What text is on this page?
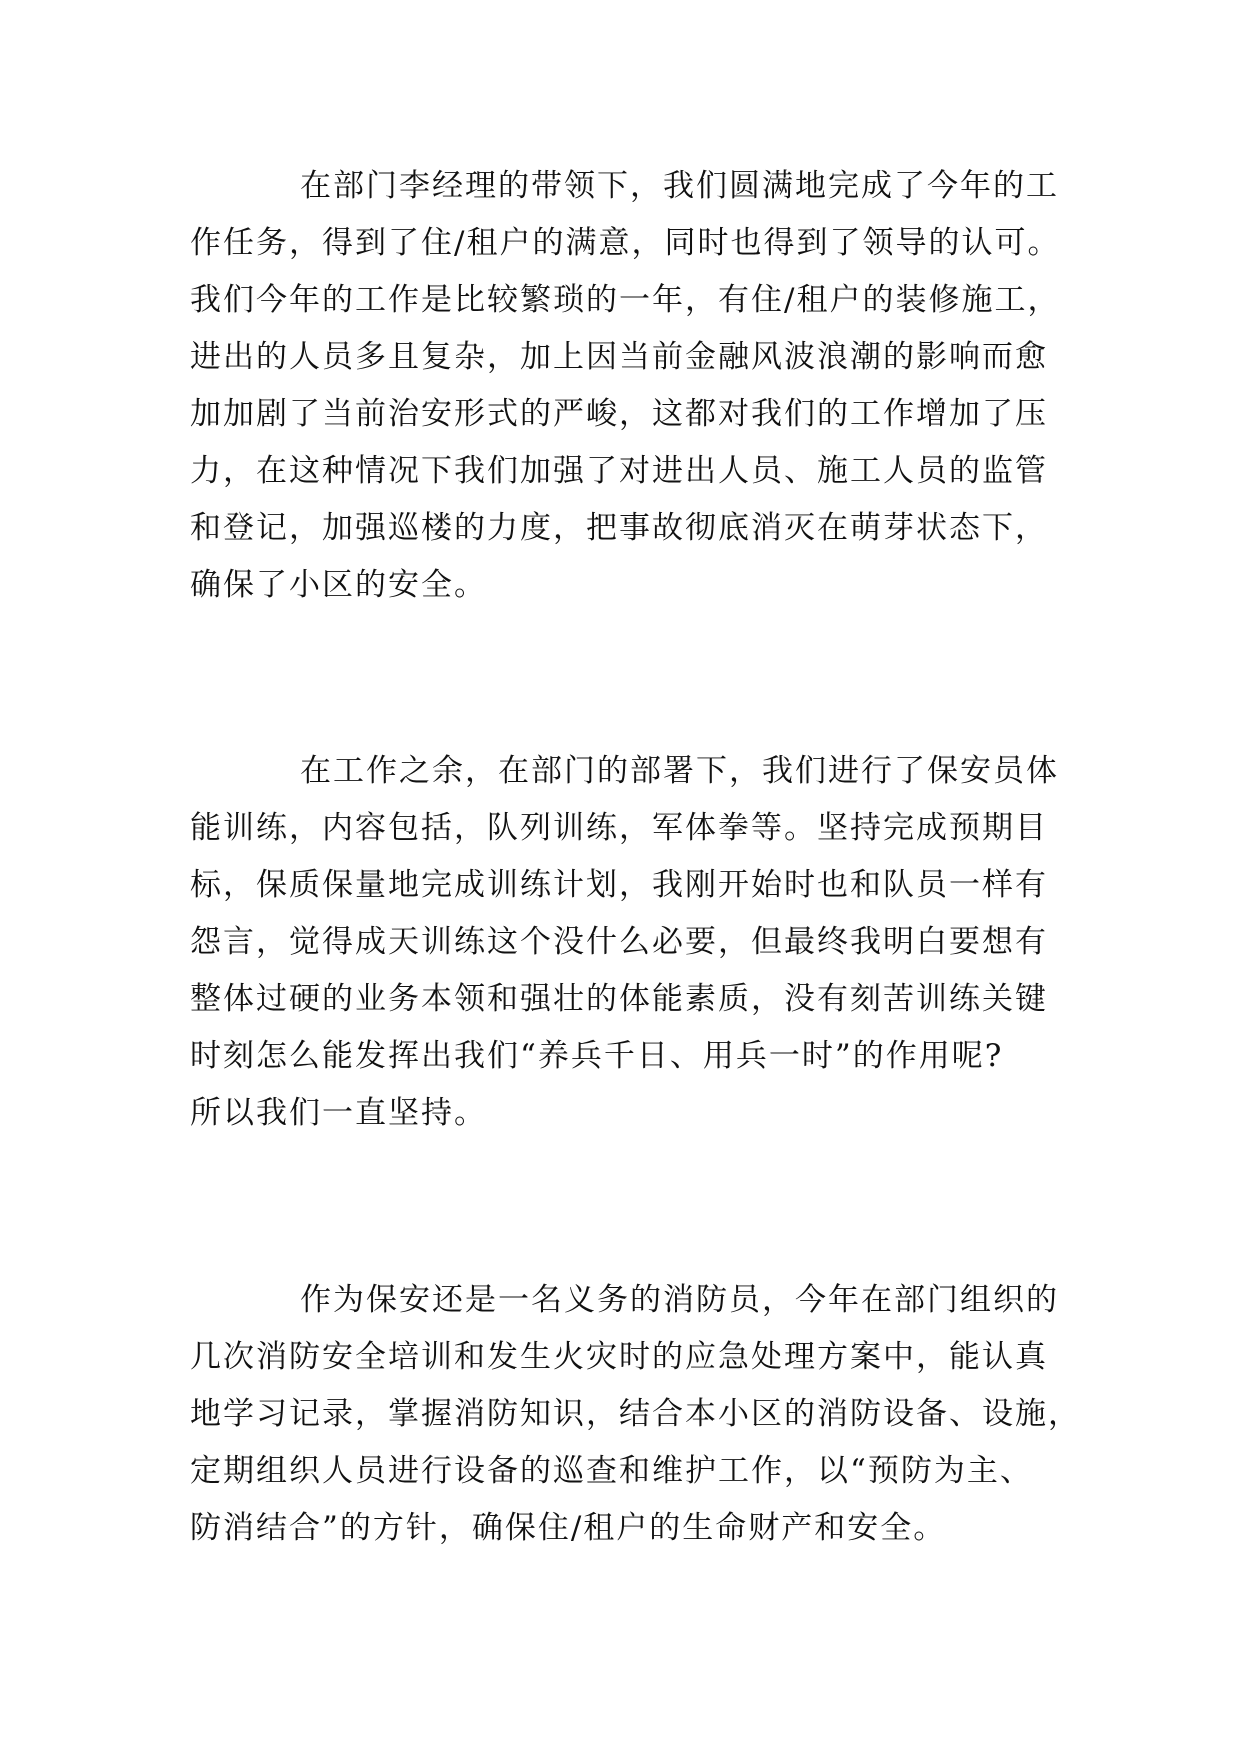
在部门李经理的带领下，我们圆满地完成了今年的工
作任务，得到了住/租户的满意，同时也得到了领导的认可。
我们今年的工作是比较繁琐的一年，有住/租户的装修施工，
进出的人员多且复杂，加上因当前金融风波浪潮的影响而愈
加加剧了当前治安形式的严峻，这都对我们的工作增加了压
力，在这种情况下我们加强了对进出人员、施工人员的监管
和登记，加强巡楼的力度，把事故彻底消灭在萌芽状态下，
确保了小区的安全。

在工作之余，在部门的部署下，我们进行了保安员体
能训练，内容包括，队列训练，军体拳等。坚持完成预期目
标，保质保量地完成训练计划，我刚开始时也和队员一样有
怨言，觉得成天训练这个没什么必要，但最终我明白要想有
整体过硬的业务本领和强壮的体能素质，没有刻苦训练关键
时刻怎么能发挥出我们“养兵千日、用兵一时”的作用呢?
所以我们一直坚持。

作为保安还是一名义务的消防员，今年在部门组织的
几次消防安全培训和发生火灾时的应急处理方案中，能认真
地学习记录，掌握消防知识，结合本小区的消防设备、设施，
定期组织人员进行设备的巡查和维护工作，以“预防为主、
防消结合”的方针，确保住/租户的生命财产和安全。
